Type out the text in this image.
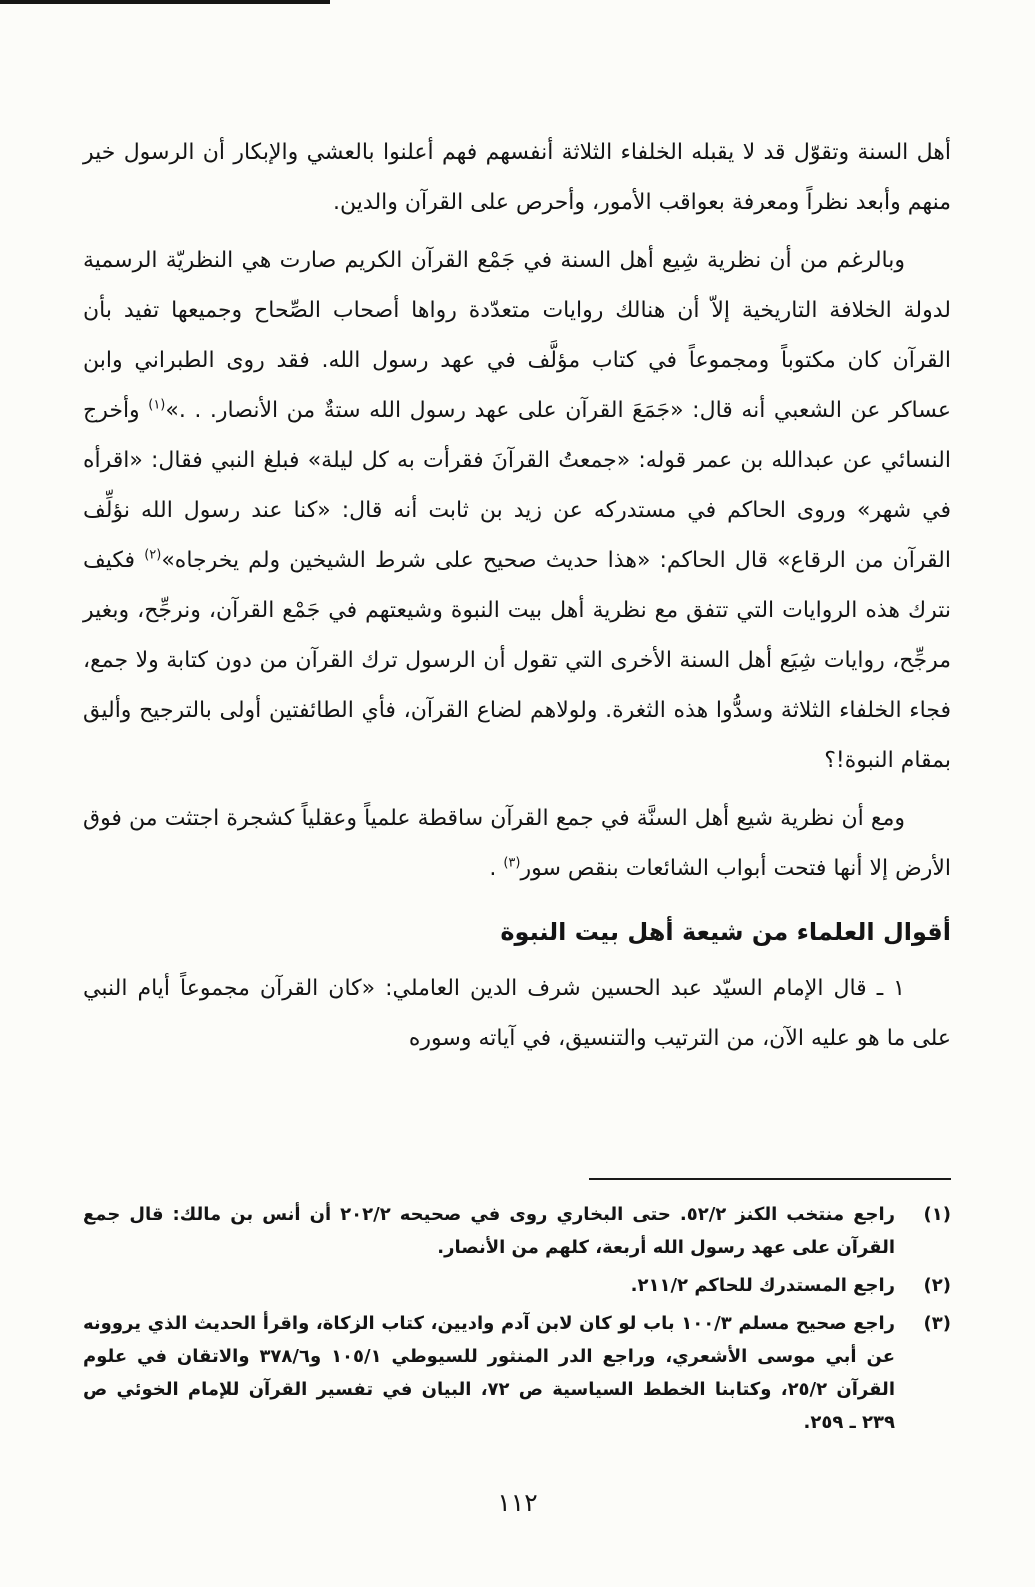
أهل السنة وتقوّل قد لا يقبله الخلفاء الثلاثة أنفسهم فهم أعلنوا بالعشي والإبكار أن الرسول خير منهم وأبعد نظراً ومعرفة بعواقب الأمور، وأحرص على القرآن والدين.

وبالرغم من أن نظرية شِيع أهل السنة في جَمْع القرآن الكريم صارت هي النظريّة الرسمية لدولة الخلافة التاريخية إلاّ أن هنالك روايات متعدّدة رواها أصحاب الصِّحاح وجميعها تفيد بأن القرآن كان مكتوباً ومجموعاً في كتاب مؤلَّف في عهد رسول الله. فقد روى الطبراني وابن عساكر عن الشعبي أنه قال: «جَمَعَ القرآن على عهد رسول الله ستةٌ من الأنصار. . .»$^{(١)}$ وأخرج النسائي عن عبدالله بن عمر قوله: «جمعتُ القرآنَ فقرأت به كل ليلة» فبلغ النبي فقال: «اقرأه في شهر» وروى الحاكم في مستدركه عن زيد بن ثابت أنه قال: «كنا عند رسول الله نؤلِّف القرآن من الرقاع» قال الحاكم: «هذا حديث صحيح على شرط الشيخين ولم يخرجاه»$^{(٢)}$ فكيف نترك هذه الروايات التي تتفق مع نظرية أهل بيت النبوة وشيعتهم في جَمْع القرآن، ونرجِّح، وبغير مرجِّح، روايات شِيَع أهل السنة الأخرى التي تقول أن الرسول ترك القرآن من دون كتابة ولا جمع، فجاء الخلفاء الثلاثة وسدُّوا هذه الثغرة. ولولاهم لضاع القرآن، فأي الطائفتين أولى بالترجيح وأليق بمقام النبوة!؟

ومع أن نظرية شيع أهل السنَّة في جمع القرآن ساقطة علمياً وعقلياً كشجرة اجتثت من فوق الأرض إلا أنها فتحت أبواب الشائعات بنقص سور$^{(٣)}$ .

أقوال العلماء من شيعة أهل بيت النبوة

١ ـ قال الإمام السيّد عبد الحسين شرف الدين العاملي: «كان القرآن مجموعاً أيام النبي على ما هو عليه الآن، من الترتيب والتنسيق، في آياته وسوره

(١)
راجع منتخب الكنز ٥٢/٢. حتى البخاري روى في صحيحه ٢٠٢/٢ أن أنس بن مالك: قال جمع القرآن على عهد رسول الله أربعة، كلهم من الأنصار.
(٢)
راجع المستدرك للحاكم ٢١١/٢.
(٣)
راجع صحيح مسلم ١٠٠/٣ باب لو كان لابن آدم واديين، كتاب الزكاة، واقرأ الحديث الذي يروونه عن أبي موسى الأشعري، وراجع الدر المنثور للسيوطي ١٠٥/١ و٣٧٨/٦ والاتقان في علوم القرآن ٢٥/٢، وكتابنا الخطط السياسية ص ٧٢، البيان في تفسير القرآن للإمام الخوئي ص ٢٣٩ ـ ٢٥٩.
١١٢
